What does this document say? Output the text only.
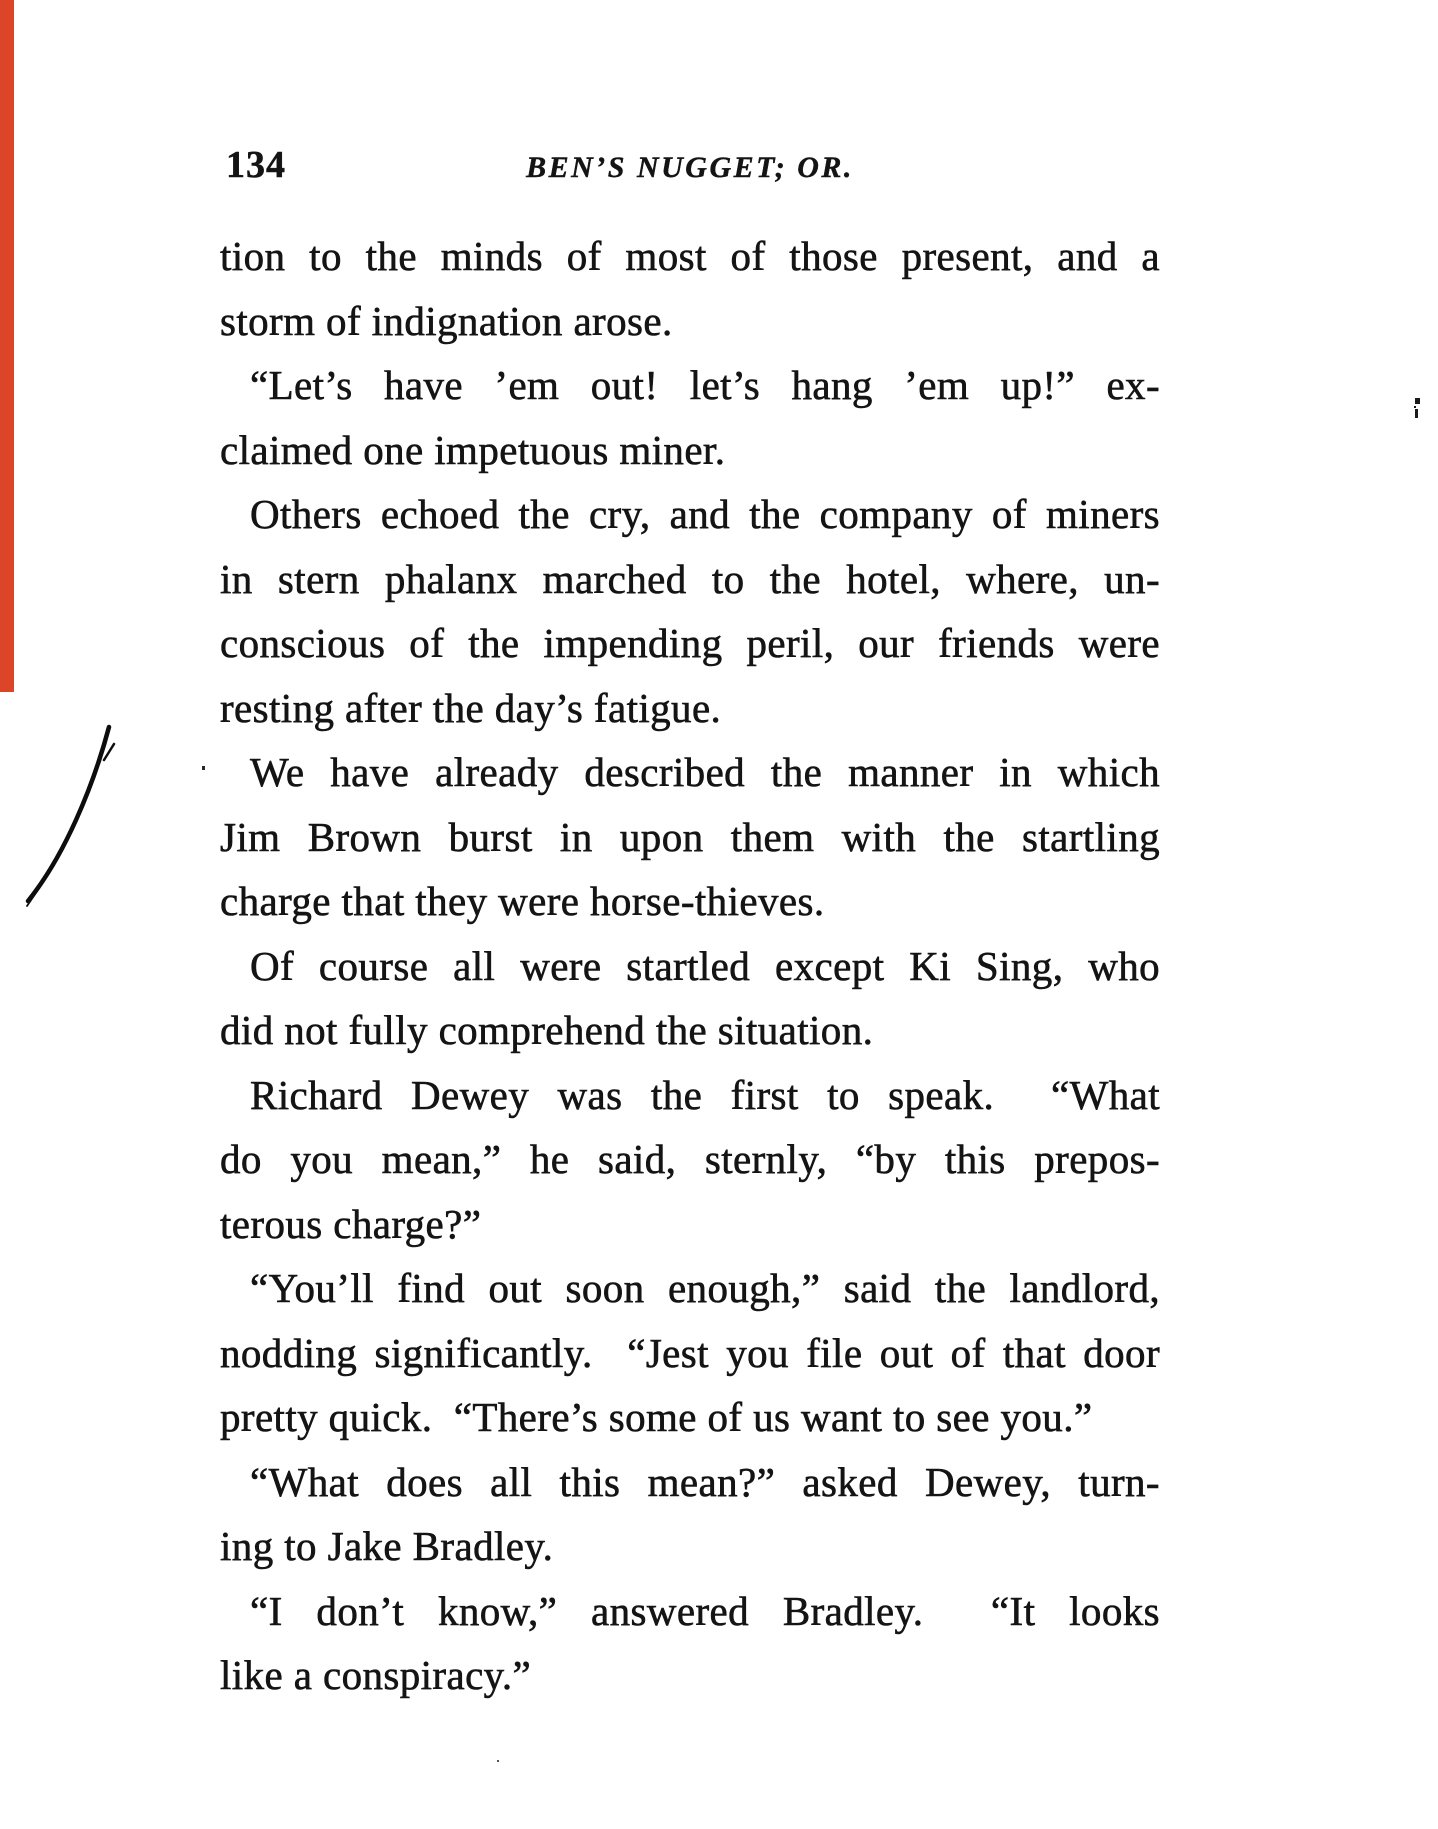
134	BEN’S NUGGET; OR.
tion to the minds of most of those present, and a
storm of indignation arose.
“Let’s have ’em out! let’s hang ’em up!” ex-
claimed one impetuous miner.
Others echoed the cry, and the company of miners
in stern phalanx marched to the hotel, where, un-
conscious of the impending peril, our friends were
resting after the day’s fatigue.
We have already described the manner in which
Jim Brown burst in upon them with the startling
charge that they were horse-thieves.
Of course all were startled except Ki Sing, who
did not fully comprehend the situation.
Richard Dewey was the first to speak.  “What
do you mean,” he said, sternly, “by this prepos-
terous charge?”
“You’ll find out soon enough,” said the landlord,
nodding significantly.  “Jest you file out of that door
pretty quick.  “There’s some of us want to see you.”
“What does all this mean?” asked Dewey, turn-
ing to Jake Bradley.
“I don’t know,” answered Bradley.  “It looks
like a conspiracy.”
